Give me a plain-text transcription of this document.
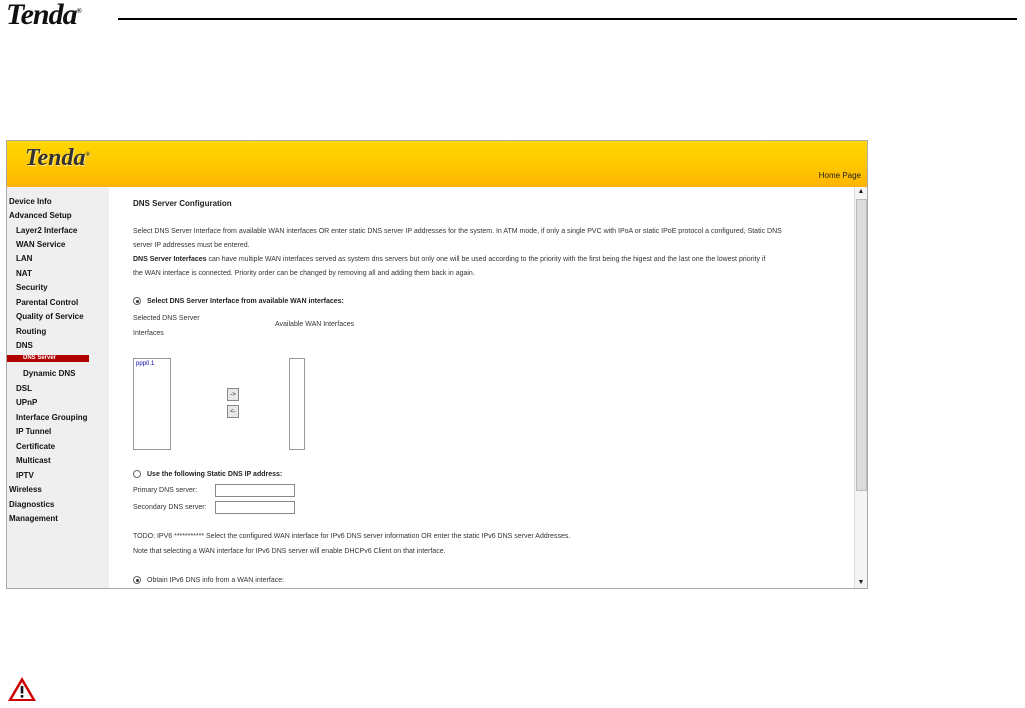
Tenda®
Tenda®
Home Page
Device Info
Advanced Setup
Layer2 Interface
WAN Service
LAN
NAT
Security
Parental Control
Quality of Service
Routing
DNS
DNS Server
Dynamic DNS
DSL
UPnP
Interface Grouping
IP Tunnel
Certificate
Multicast
IPTV
Wireless
Diagnostics
Management
DNS Server Configuration
Select DNS Server Interface from available WAN interfaces OR enter static DNS server IP addresses for the system. In ATM mode, if only a single PVC with IPoA or static IPoE protocol a configured, Static DNS
server IP addresses must be entered.
DNS Server Interfaces can have multiple WAN interfaces served as system dns servers but only one will be used according to the priority with the first being the higest and the last one the lowest priority if
the WAN interface is connected. Priority order can be changed by removing all and adding them back in again.
Select DNS Server Interface from available WAN interfaces:
Selected DNS Server
Interfaces
Available WAN Interfaces
ppp0.1
->
<-
Use the following Static DNS IP address:
Primary DNS server:
Secondary DNS server:
TODO: IPV6 *********** Select the configured WAN interface for IPv6 DNS server information OR enter the static IPv6 DNS server Addresses.
Note that selecting a WAN interface for IPv6 DNS server will enable DHCPv6 Client on that interface.
Obtain IPv6 DNS info from a WAN interface:
▲
▼
